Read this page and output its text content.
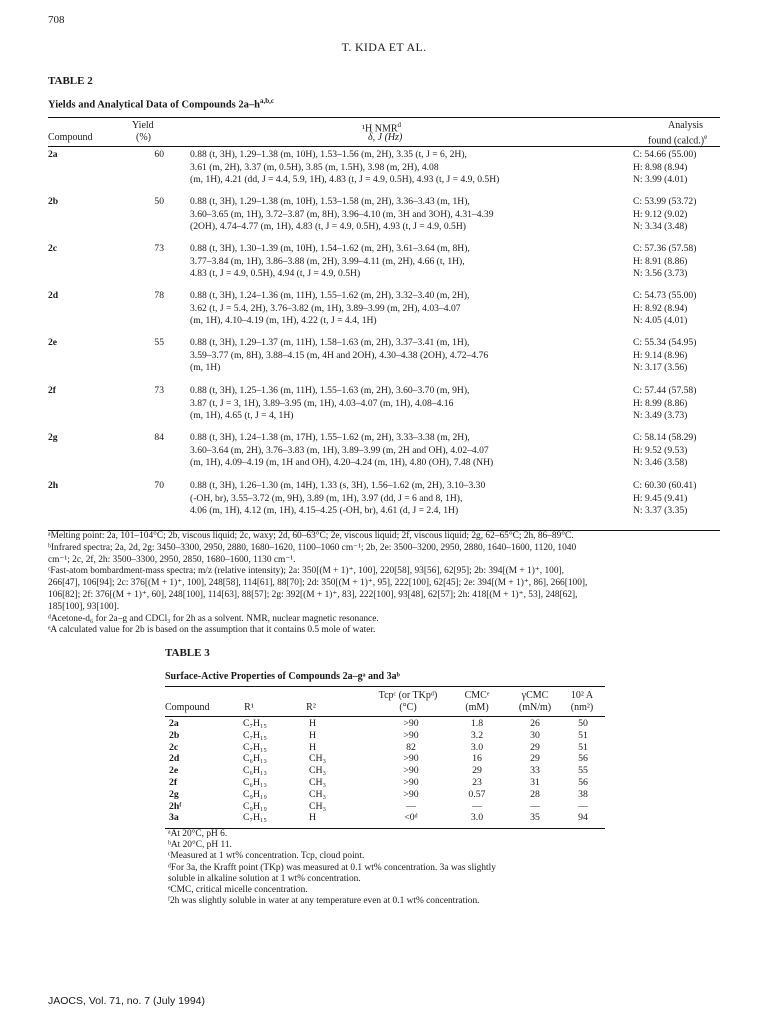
708
T. KIDA ET AL.
TABLE 2
Yields and Analytical Data of Compounds $2a-h^{a,b,c}$
Compound
Yield
(%)
¹H NMR$^d$
δ, J (Hz)
Analysis
found (calcd.)$^e$
2a	60	0.88 (t, 3H), 1.29–1.38 (m, 10H), 1.53–1.56 (m, 2H), 3.35 (t, J = 6, 2H),
3.61 (m, 2H), 3.37 (m, 0.5H), 3.85 (m, 1.5H), 3.98 (m, 2H), 4.08
(m, 1H), 4.21 (dd, J = 4.4, 5.9, 1H), 4.83 (t, J = 4.9, 0.5H), 4.93 (t, J = 4.9, 0.5H)
C: 54.66 (55.00)
H: 8.98 (8.94)
N: 3.99 (4.01)
2b	50	0.88 (t, 3H), 1.29–1.38 (m, 10H), 1.53–1.58 (m, 2H), 3.36–3.43 (m, 1H),
3.60–3.65 (m, 1H), 3.72–3.87 (m, 8H), 3.96–4.10 (m, 3H and 3OH), 4.31–4.39
(2OH), 4.74–4.77 (m, 1H), 4.83 (t, J = 4.9, 0.5H), 4.93 (t, J = 4.9, 0.5H)
C: 53.99 (53.72)
H: 9.12 (9.02)
N: 3.34 (3.48)
2c	73	0.88 (t, 3H), 1.30–1.39 (m, 10H), 1.54–1.62 (m, 2H), 3.61–3.64 (m, 8H),
3.77–3.84 (m, 1H), 3.86–3.88 (m, 2H), 3.99–4.11 (m, 2H), 4.66 (t, 1H),
4.83 (t, J = 4.9, 0.5H), 4.94 (t, J = 4.9, 0.5H)
C: 57.36 (57.58)
H: 8.91 (8.86)
N: 3.56 (3.73)
2d	78	0.88 (t, 3H), 1.24–1.36 (m, 11H), 1.55–1.62 (m, 2H), 3.32–3.40 (m, 2H),
3.62 (t, J = 5.4, 2H), 3.76–3.82 (m, 1H), 3.89–3.99 (m, 2H), 4.03–4.07
(m, 1H), 4.10–4.19 (m, 1H), 4.22 (t, J = 4.4, 1H)
C: 54.73 (55.00)
H: 8.92 (8.94)
N: 4.05 (4.01)
2e	55	0.88 (t, 3H), 1.29–1.37 (m, 11H), 1.58–1.63 (m, 2H), 3.37–3.41 (m, 1H),
3.59–3.77 (m, 8H), 3.88–4.15 (m, 4H and 2OH), 4.30–4.38 (2OH), 4.72–4.76
(m, 1H)
C: 55.34 (54.95)
H: 9.14 (8.96)
N: 3.17 (3.56)
2f	73	0.88 (t, 3H), 1.25–1.36 (m, 11H), 1.55–1.63 (m, 2H), 3.60–3.70 (m, 9H),
3.87 (t, J = 3, 1H), 3.89–3.95 (m, 1H), 4.03–4.07 (m, 1H), 4.08–4.16
(m, 1H), 4.65 (t, J = 4, 1H)
C: 57.44 (57.58)
H: 8.99 (8.86)
N: 3.49 (3.73)
2g	84	0.88 (t, 3H), 1.24–1.38 (m, 17H), 1.55–1.62 (m, 2H), 3.33–3.38 (m, 2H),
3.60–3.64 (m, 2H), 3.76–3.83 (m, 1H), 3.89–3.99 (m, 2H and OH), 4.02–4.07
(m, 1H), 4.09–4.19 (m, 1H and OH), 4.20–4.24 (m, 1H), 4.80 (OH), 7.48 (NH)
C: 58.14 (58.29)
H: 9.52 (9.53)
N: 3.46 (3.58)
2h	70	0.88 (t, 3H), 1.26–1.30 (m, 14H), 1.33 (s, 3H), 1.56–1.62 (m, 2H), 3.10–3.30
(-OH, br), 3.55–3.72 (m, 9H), 3.89 (m, 1H), 3.97 (dd, J = 6 and 8, 1H),
4.06 (m, 1H), 4.12 (m, 1H), 4.15–4.25 (-OH, br), 4.61 (d, J = 2.4, 1H)
C: 60.30 (60.41)
H: 9.45 (9.41)
N: 3.37 (3.35)
ᵃMelting point: 2a, 101–104°C; 2b, viscous liquid; 2c, waxy; 2d, 60–63°C; 2e, viscous liquid; 2f, viscous liquid; 2g, 62–65°C; 2h, 86–89°C.
ᵇInfrared spectra; 2a, 2d, 2g: 3450–3300, 2950, 2880, 1680–1620, 1100–1060 cm⁻¹; 2b, 2e: 3500–3200, 2950, 2880, 1640–1600, 1120, 1040
cm⁻¹; 2c, 2f, 2h: 3500–3300, 2950, 2850, 1680–1600, 1130 cm⁻¹.
ᶜFast-atom bombardment-mass spectra; m/z (relative intensity); 2a: 350[(M + 1)⁺, 100], 220[58], 93[56], 62[95]; 2b: 394[(M + 1)⁺, 100],
266[47], 106[94]; 2c: 376[(M + 1)⁺, 100], 248[58], 114[61], 88[70]; 2d: 350[(M + 1)⁺, 95], 222[100], 62[45]; 2e: 394[(M + 1)⁺, 86], 266[100],
106[82]; 2f: 376[(M + 1)⁺, 60], 248[100], 114[63], 88[57]; 2g: 392[(M + 1)⁺, 83], 222[100], 93[48], 62[57]; 2h: 418[(M + 1)⁺, 53], 248[62],
185[100], 93[100].
ᵈAcetone-d₆ for 2a–g and CDCl₃ for 2h as a solvent. NMR, nuclear magnetic resonance.
ᵉA calculated value for 2b is based on the assumption that it contains 0.5 mole of water.
TABLE 3
Surface-Active Properties of Compounds 2a–gᵃ and 3aᵇ
Compound	R¹	R²
Tcpᶜ (or TKpᵈ)
(°C)
CMCᵉ
(mM)
γCMC
(mN/m)
10² A
(nm²)
2a	C₇H₁₅	H	>90	1.8	26	50
2b	C₇H₁₅	H	>90	3.2	30	51
2c	C₇H₁₅	H	82	3.0	29	51
2d	C₆H₁₃	CH₃	>90	16	29	56
2e	C₆H₁₃	CH₃	>90	29	33	55
2f	C₆H₁₃	CH₃	>90	23	31	56
2g	C₉H₁₉	CH₃	>90	0.57	28	38
2hᶠ	C₉H₁₉	CH₃	—	—	—	—
3a	C₇H₁₅	H	<0ᵈ	3.0	35	94
ᵃAt 20°C, pH 6.
ᵇAt 20°C, pH 11.
ᶜMeasured at 1 wt% concentration. Tcp, cloud point.
ᵈFor 3a, the Krafft point (TKp) was measured at 0.1 wt% concentration. 3a was slightly
soluble in alkaline solution at 1 wt% concentration.
ᵉCMC, critical micelle concentration.
ᶠ2h was slightly soluble in water at any temperature even at 0.1 wt% concentration.
JAOCS, Vol. 71, no. 7 (July 1994)
